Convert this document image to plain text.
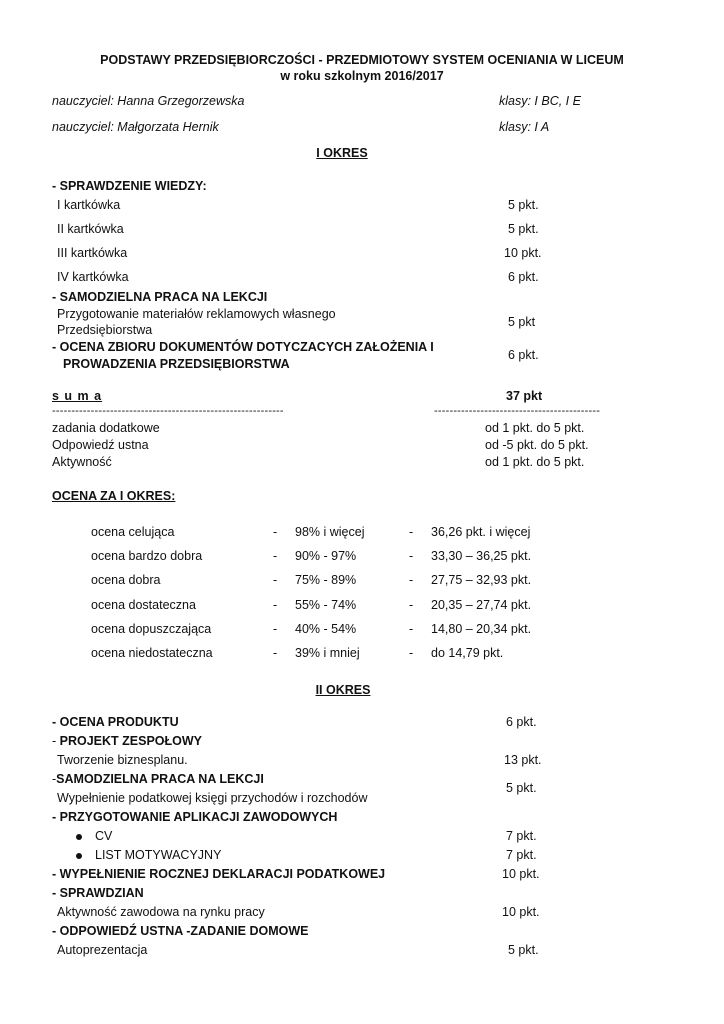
PODSTAWY PRZEDSIĘBIORCZOŚCI - PRZEDMIOTOWY SYSTEM OCENIANIA W LICEUM
w roku szkolnym 2016/2017
nauczyciel: Hanna Grzegorzewska	klasy: I BC, I E
nauczyciel: Małgorzata Hernik	klasy: I A
I OKRES
- SPRAWDZENIE WIEDZY:
I kartkówka	5 pkt.
II kartkówka	5 pkt.
III kartkówka	10 pkt.
IV kartkówka	6 pkt.
- SAMODZIELNA PRACA NA LEKCJI
Przygotowanie materiałów reklamowych własnego
Przedsiębiorstwa
5 pkt
- OCENA ZBIORU DOKUMENTÓW DOTYCZACYCH ZAŁOŻENIA I
PROWADZENIA PRZEDSIĘBIORSTWA
6 pkt.
s u m a	37 pkt
------------------------------------------------------------	-------------------------------------------
zadania dodatkowe	od 1 pkt. do 5 pkt.
Odpowiedź ustna	od -5 pkt. do 5 pkt.
Aktywność	od 1 pkt. do 5 pkt.
OCENA ZA I OKRES:
ocena celująca	- 98% i więcej	- 36,26 pkt. i więcej
ocena bardzo dobra	- 90% - 97%	- 33,30 – 36,25 pkt.
ocena dobra	- 75% - 89%	- 27,75 – 32,93 pkt.
ocena dostateczna	- 55% - 74%	- 20,35 – 27,74 pkt.
ocena dopuszczająca	- 40% - 54%	- 14,80 – 20,34 pkt.
ocena niedostateczna	- 39% i mniej	- do 14,79 pkt.
II OKRES
- OCENA PRODUKTU	6 pkt.
- PROJEKT ZESPOŁOWY
Tworzenie biznesplanu.	13 pkt.
-SAMODZIELNA PRACA NA LEKCJI
Wypełnienie podatkowej księgi przychodów i rozchodów
5 pkt.
- PRZYGOTOWANIE APLIKACJI ZAWODOWYCH
CV	7 pkt.
LIST MOTYWACYJNY	7 pkt.
- WYPEŁNIENIE ROCZNEJ DEKLARACJI PODATKOWEJ	10 pkt.
- SPRAWDZIAN
Aktywność zawodowa na rynku pracy	10 pkt.
- ODPOWIEDŹ USTNA -ZADANIE DOMOWE
Autoprezentacja	5 pkt.
